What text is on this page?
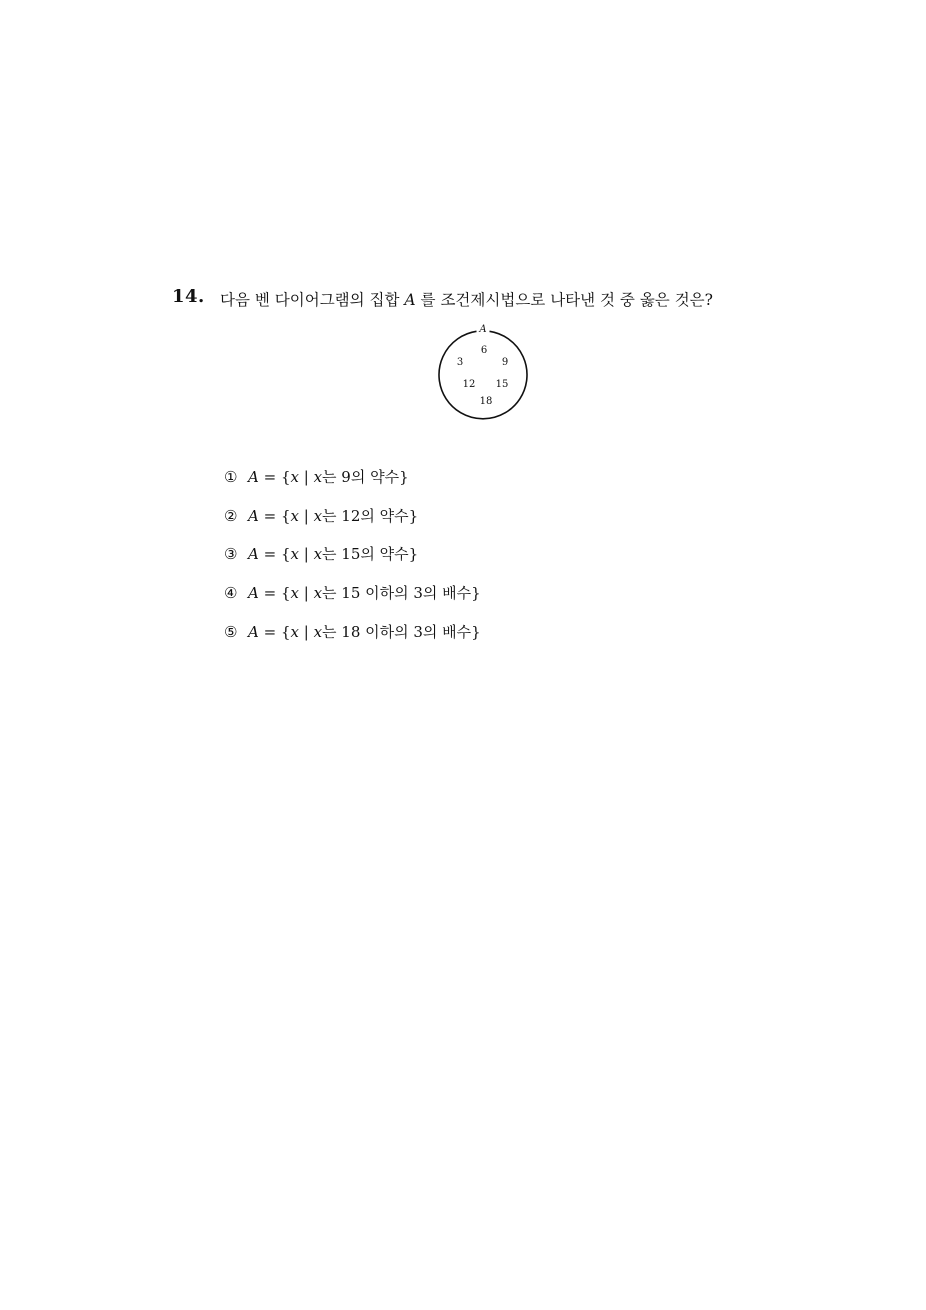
14. 다음 벤 다이어그램의 집합 A 를 조건제시법으로 나타낸 것 중 옳은 것은?
A
6
3	9
12 15
18
① A = {x | x는 9의 약수}
② A = {x | x는 12의 약수}
③ A = {x | x는 15의 약수}
④ A = {x | x는 15 이하의 3의 배수}
⑤ A = {x | x는 18 이하의 3의 배수}
